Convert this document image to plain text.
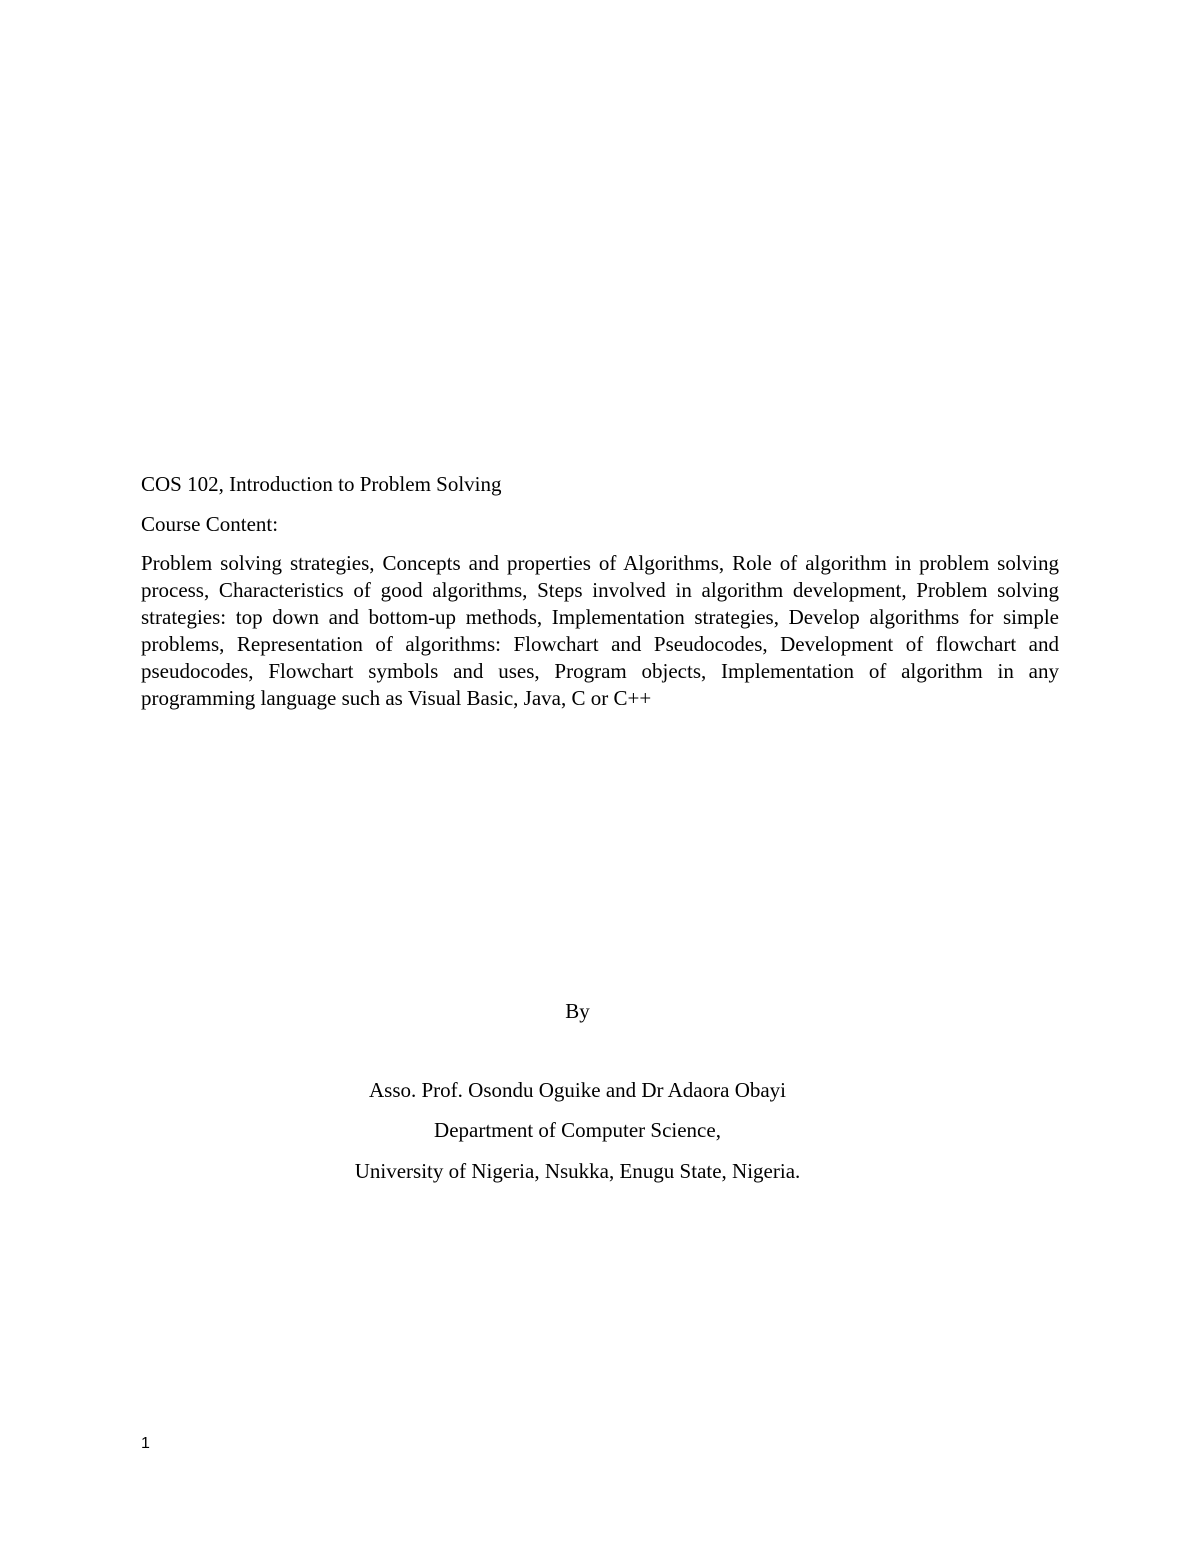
COS 102, Introduction to Problem Solving
Course Content:
Problem solving strategies, Concepts and properties of Algorithms, Role of algorithm in problem solving process, Characteristics of good algorithms, Steps involved in algorithm development, Problem solving strategies: top down and bottom-up methods, Implementation strategies, Develop algorithms for simple problems, Representation of algorithms: Flowchart and Pseudocodes, Development of flowchart and pseudocodes, Flowchart symbols and uses, Program objects, Implementation of algorithm in any programming language such as Visual Basic, Java, C or C++
By
Asso. Prof. Osondu Oguike and Dr Adaora Obayi
Department of Computer Science,
University of Nigeria, Nsukka, Enugu State, Nigeria.
1
